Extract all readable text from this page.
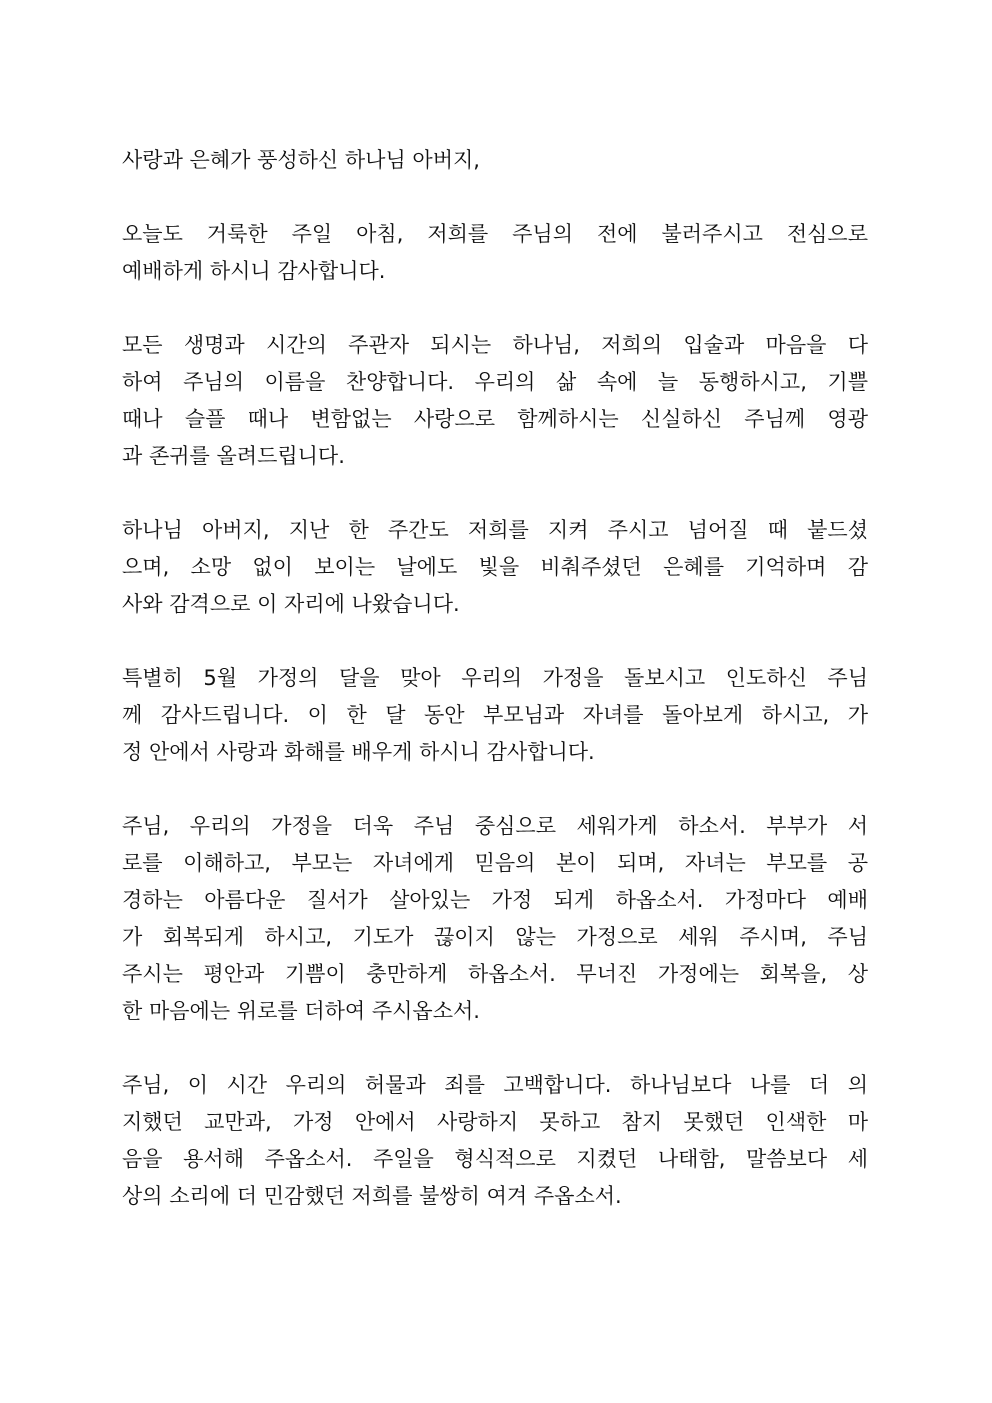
사랑과 은혜가 풍성하신 하나님 아버지,

오늘도 거룩한 주일 아침, 저희를 주님의 전에 불러주시고 전심으로
예배하게 하시니 감사합니다.

모든 생명과 시간의 주관자 되시는 하나님, 저희의 입술과 마음을 다
하여 주님의 이름을 찬양합니다. 우리의 삶 속에 늘 동행하시고, 기쁠
때나 슬플 때나 변함없는 사랑으로 함께하시는 신실하신 주님께 영광
과 존귀를 올려드립니다.

하나님 아버지, 지난 한 주간도 저희를 지켜 주시고 넘어질 때 붙드셨
으며, 소망 없이 보이는 날에도 빛을 비춰주셨던 은혜를 기억하며 감
사와 감격으로 이 자리에 나왔습니다.

특별히 5월 가정의 달을 맞아 우리의 가정을 돌보시고 인도하신 주님
께 감사드립니다. 이 한 달 동안 부모님과 자녀를 돌아보게 하시고, 가
정 안에서 사랑과 화해를 배우게 하시니 감사합니다.

주님, 우리의 가정을 더욱 주님 중심으로 세워가게 하소서. 부부가 서
로를 이해하고, 부모는 자녀에게 믿음의 본이 되며, 자녀는 부모를 공
경하는 아름다운 질서가 살아있는 가정 되게 하옵소서. 가정마다 예배
가 회복되게 하시고, 기도가 끊이지 않는 가정으로 세워 주시며, 주님
주시는 평안과 기쁨이 충만하게 하옵소서. 무너진 가정에는 회복을, 상
한 마음에는 위로를 더하여 주시옵소서.

주님, 이 시간 우리의 허물과 죄를 고백합니다. 하나님보다 나를 더 의
지했던 교만과, 가정 안에서 사랑하지 못하고 참지 못했던 인색한 마
음을 용서해 주옵소서. 주일을 형식적으로 지켰던 나태함, 말씀보다 세
상의 소리에 더 민감했던 저희를 불쌍히 여겨 주옵소서.
